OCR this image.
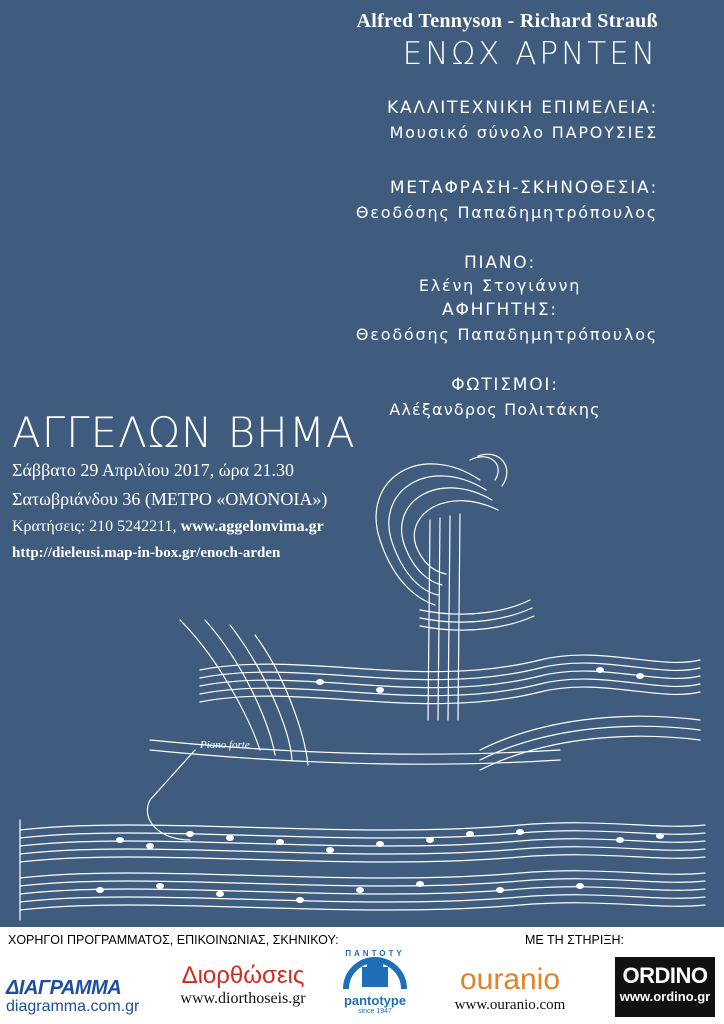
Alfred Tennyson - Richard Strauß
ΕΝΩΧ ΑΡΝΤΕΝ
ΚΑΛΛΙΤΕΧΝΙΚΗ ΕΠΙΜΕΛΕΙΑ:
Μουσικό σύνολο ΠΑΡΟΥΣΙΕΣ
ΜΕΤΑΦΡΑΣΗ-ΣΚΗΝΟΘΕΣΙΑ:
Θεοδόσης Παπαδημητρόπουλος
ΠΙΑΝΟ:
Ελένη Στογιάννη
ΑΦΗΓΗΤΗΣ:
Θεοδόσης Παπαδημητρόπουλος
ΦΩΤΙΣΜΟΙ:
Αλέξανδρος Πολιτάκης
ΑΓΓΕΛΩΝ ΒΗΜΑ
Σάββατο 29 Απριλίου 2017, ώρα 21.30
Σατωβριάνδου 36 (ΜΕΤΡΟ «ΟΜΟΝΟΙΑ»)
Κρατήσεις: 210 5242211, www.aggelonvima.gr
http://dieleusi.map-in-box.gr/enoch-arden
Piano forte
ΧΟΡΗΓΟΙ ΠΡΟΓΡΑΜΜΑΤΟΣ, ΕΠΙΚΟΙΝΩΝΙΑΣ, ΣΚΗΝΙΚΟΥ:	ΜΕ ΤΗ ΣΤΗΡΙΞΗ:
ΔΙΑΓΡΑΜΜΑ
diagramma.com.gr
Διορθώσεις
www.diorthoseis.gr
ΠΑΝΤΟΤΥ
pantotype
since 1947
ouranio
www.ouranio.com
ORDINO
www.ordino.gr
